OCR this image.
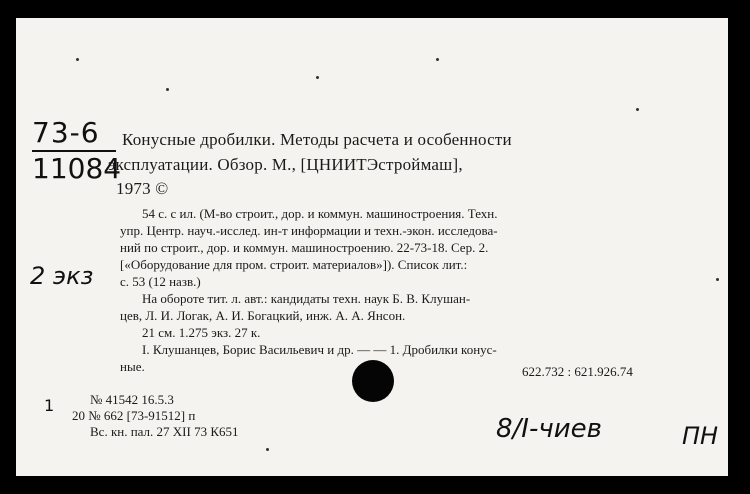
73-6
11084
2 экз
Конусные дробилки. Методы расчета и особенности
эксплуатации. Обзор. М., [ЦНИИТЭстроймаш],
1973 ©
54 с. с ил. (М-во строит., дор. и коммун. машиностроения. Техн.
упр. Центр. науч.-исслед. ин-т информации и техн.-экон. исследова-
ний по строит., дор. и коммун. машиностроению. 22-73-18. Сер. 2.
[«Оборудование для пром. строит. материалов»]). Список лит.:
с. 53 (12 назв.)
На обороте тит. л. авт.: кандидаты техн. наук Б. В. Клушан-
цев, Л. И. Логак, А. И. Богацкий, инж. А. А. Янсон.
21 см. 1.275 экз. 27 к.
I. Клушанцев, Борис Васильевич и др. — — 1. Дробилки конус-
ные.	622.732 : 621.926.74
№ 41542 16.5.3
20 № 662 [73-91512] п
Вс. кн. пал. 27 XII 73 К651
1
8/I-чиев	ΠΗ
